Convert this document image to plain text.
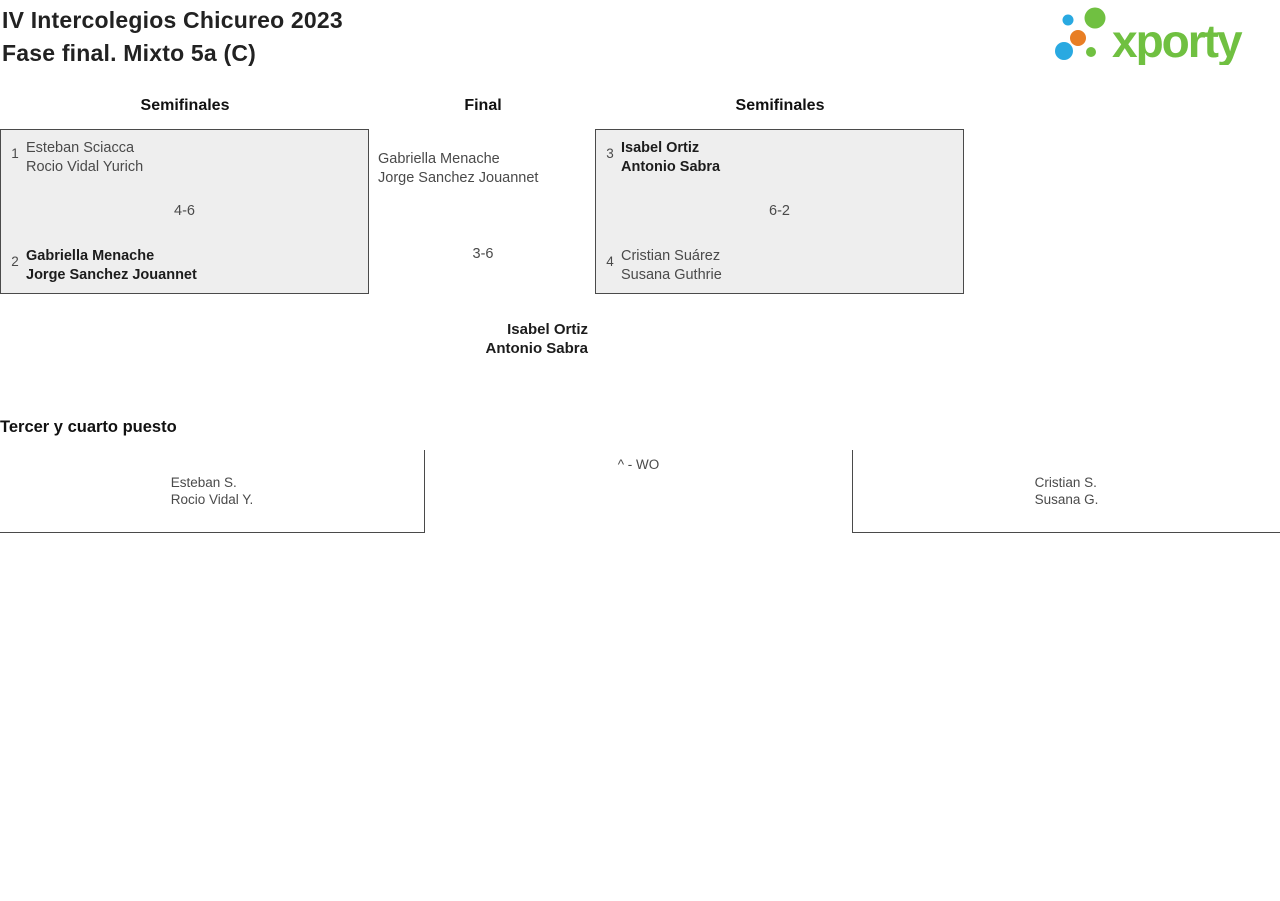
IV Intercolegios Chicureo 2023
Fase final. Mixto 5a (C)	xporty
Semifinales	Final	Semifinales
1 Esteban Sciacca
Rocio Vidal Yurich
4-6
2 Gabriella Menache
Jorge Sanchez Jouannet
Gabriella Menache
Jorge Sanchez Jouannet
3-6
Isabel Ortiz
Antonio Sabra
3 Isabel Ortiz
Antonio Sabra
6-2
4 Cristian Suárez
Susana Guthrie
Tercer y cuarto puesto
Esteban S.
Rocio Vidal Y.
^ - WO
Cristian S.
Susana G.
